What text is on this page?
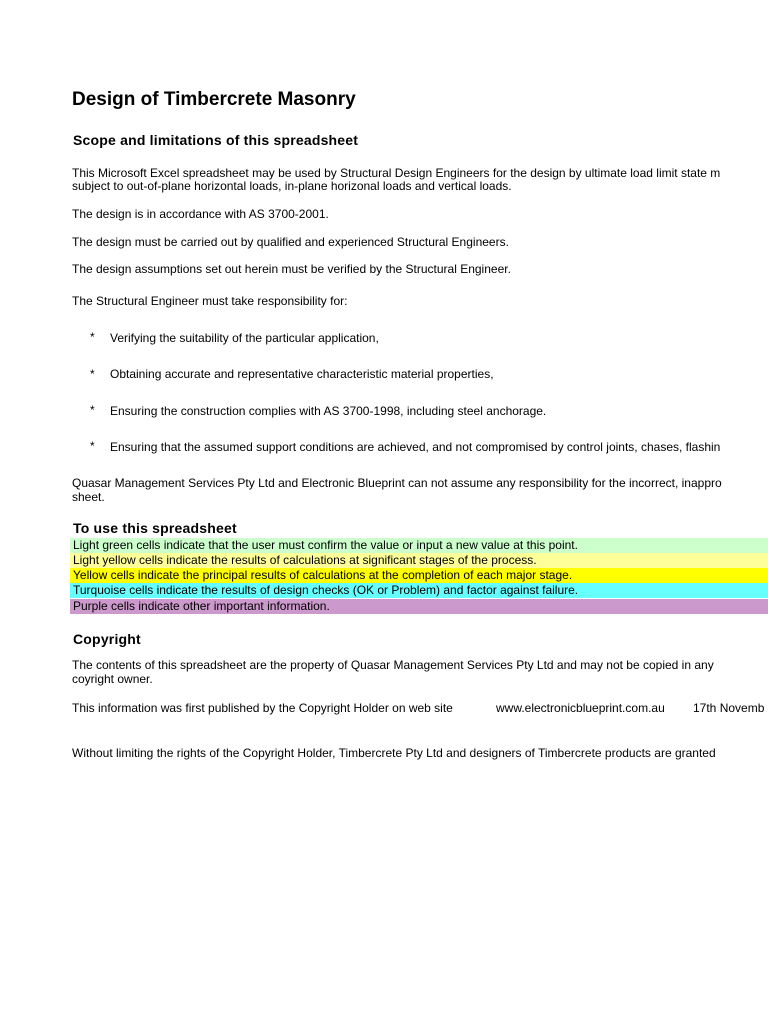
Design of Timbercrete Masonry
Scope and limitations of this spreadsheet
This Microsoft Excel spreadsheet may be used by Structural Design Engineers for the design by ultimate load limit state m
subject to out-of-plane horizontal loads, in-plane horizonal loads and vertical loads.
The design is in accordance with AS 3700-2001.
The design must be carried out by qualified and experienced Structural Engineers.
The design assumptions set out herein must be verified by the Structural Engineer.
The Structural Engineer must take responsibility for:
* Verifying the suitability of the particular application,
* Obtaining accurate and representative characteristic material properties,
* Ensuring the construction complies with AS 3700-1998, including steel anchorage.
* Ensuring that the assumed support conditions are achieved, and not compromised by control joints, chases, flashin
Quasar Management Services Pty Ltd and Electronic Blueprint can not assume any responsibility for the incorrect, inappro
sheet.
To use this spreadsheet
Light green cells indicate that the user must confirm the value or input a new value at this point.
Light yellow cells indicate the results of calculations at significant stages of the process.
Yellow cells indicate the principal results of calculations at the completion of each major stage.
Turquoise cells indicate the results of design checks (OK or Problem) and factor against failure.
Purple cells indicate other important information.
Copyright
The contents of this spreadsheet are the property of Quasar Management Services Pty Ltd and may not be copied in any
coyright owner.
This information was first published by the Copyright Holder on web site	www.electronicblueprint.com.au 17th Novemb
Without limiting the rights of the Copyright Holder, Timbercrete Pty Ltd and designers of Timbercrete products are granted
